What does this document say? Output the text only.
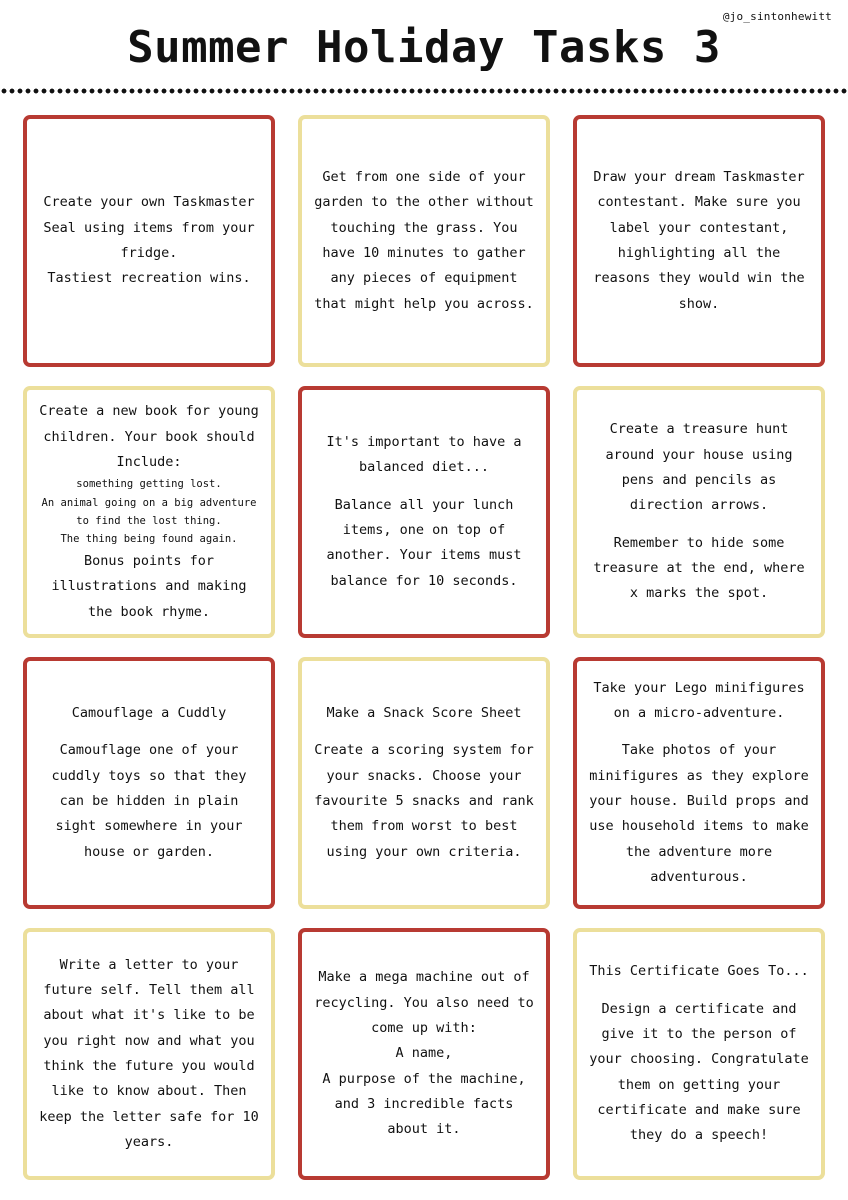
@jo_sintonhewitt
Summer Holiday Tasks 3
Create your own Taskmaster
Seal using items from your
fridge.
Tastiest recreation wins.
Get from one side of your
garden to the other without
touching the grass. You
have 10 minutes to gather
any pieces of equipment
that might help you across.
Draw your dream Taskmaster
contestant. Make sure you
label your contestant,
highlighting all the
reasons they would win the
show.
Create a new book for young
children. Your book should
Include:
something getting lost.
An animal going on a big adventure
to find the lost thing.
The thing being found again.
Bonus points for
illustrations and making
the book rhyme.
It's important to have a
balanced diet...
Balance all your lunch
items, one on top of
another. Your items must
balance for 10 seconds.
Create a treasure hunt
around your house using
pens and pencils as
direction arrows.
Remember to hide some
treasure at the end, where
x marks the spot.
Camouflage a Cuddly
Camouflage one of your
cuddly toys so that they
can be hidden in plain
sight somewhere in your
house or garden.
Make a Snack Score Sheet
Create a scoring system for
your snacks. Choose your
favourite 5 snacks and rank
them from worst to best
using your own criteria.
Take your Lego minifigures
on a micro-adventure.
Take photos of your
minifigures as they explore
your house. Build props and
use household items to make
the adventure more
adventurous.
Write a letter to your
future self. Tell them all
about what it's like to be
you right now and what you
think the future you would
like to know about. Then
keep the letter safe for 10
years.
Make a mega machine out of
recycling. You also need to
come up with:
A name,
A purpose of the machine,
and 3 incredible facts
about it.
This Certificate Goes To...
Design a certificate and
give it to the person of
your choosing. Congratulate
them on getting your
certificate and make sure
they do a speech!
